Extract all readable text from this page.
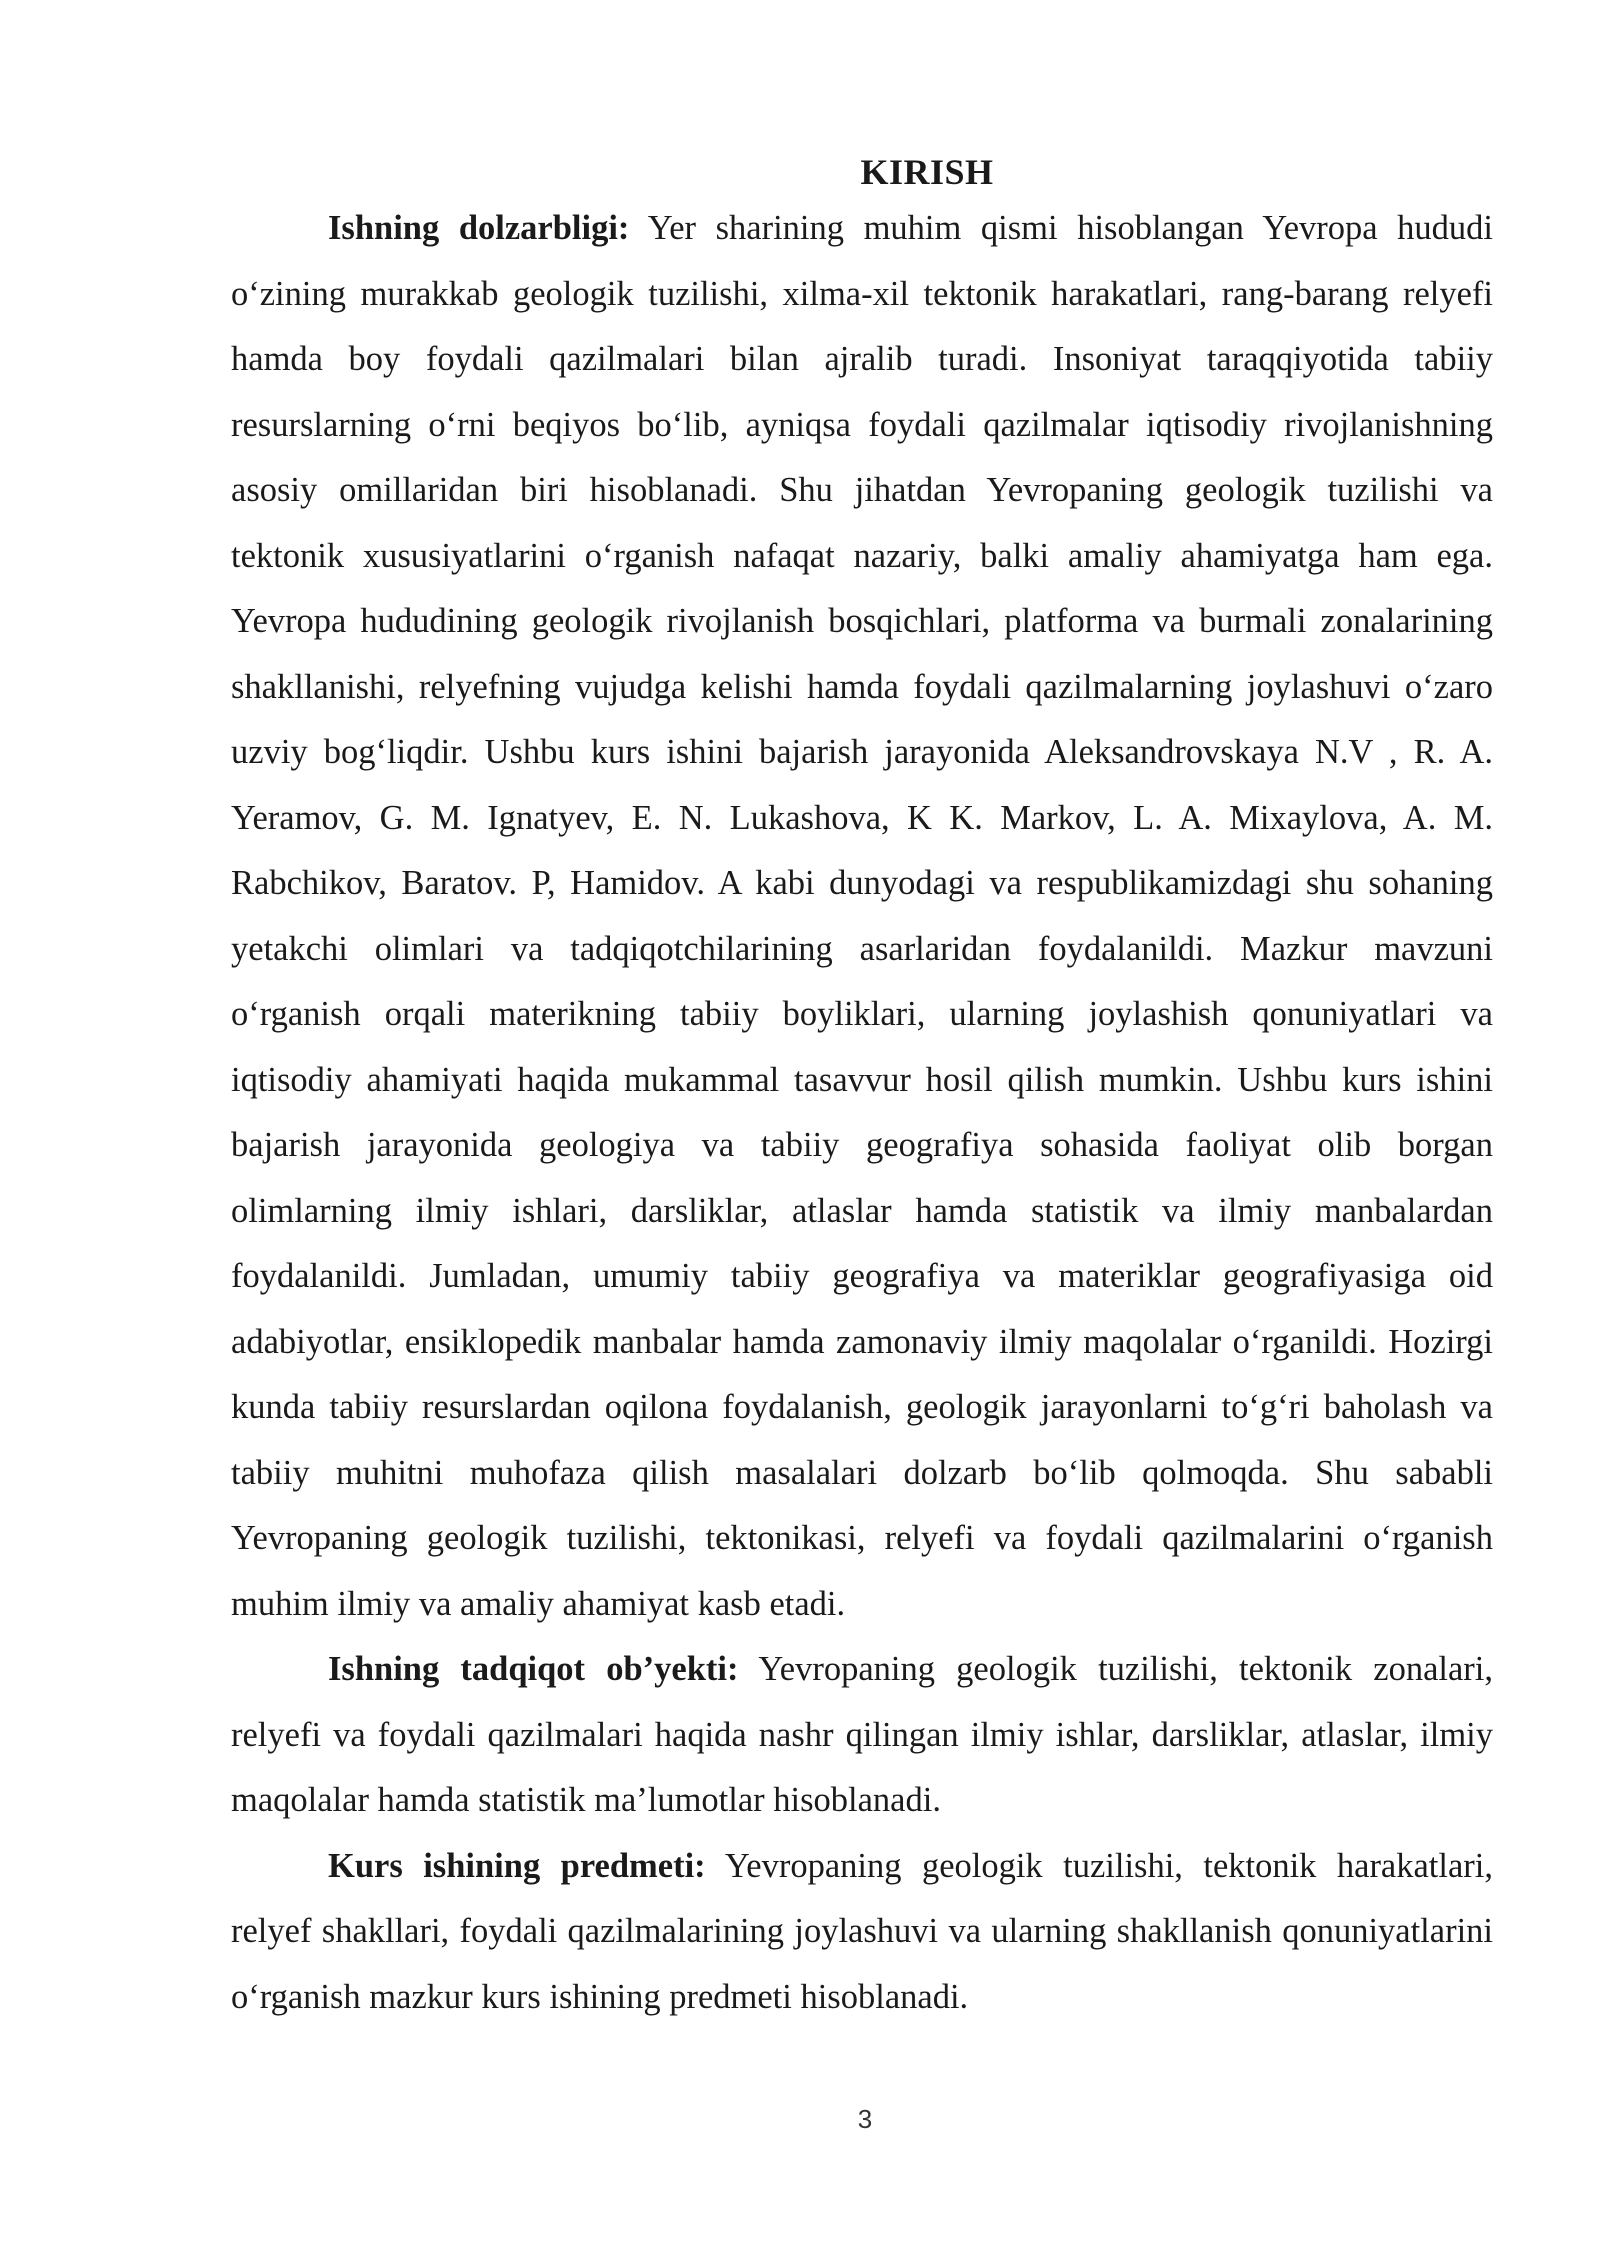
KIRISH

Ishning dolzarbligi: Yer sharining muhim qismi hisoblangan Yevropa hududi o‘zining murakkab geologik tuzilishi, xilma-xil tektonik harakatlari, rang-barang relyefi hamda boy foydali qazilmalari bilan ajralib turadi. Insoniyat taraqqiyotida tabiiy resurslarning o‘rni beqiyos bo‘lib, ayniqsa foydali qazilmalar iqtisodiy rivojlanishning asosiy omillaridan biri hisoblanadi. Shu jihatdan Yevropaning geologik tuzilishi va tektonik xususiyatlarini o‘rganish nafaqat nazariy, balki amaliy ahamiyatga ham ega. Yevropa hududining geologik rivojlanish bosqichlari, platforma va burmali zonalarining shakllanishi, relyefning vujudga kelishi hamda foydali qazilmalarning joylashuvi o‘zaro uzviy bog‘liqdir. Ushbu kurs ishini bajarish jarayonida Aleksandrovskaya N.V , R. A. Yeramov, G. M. Ignatyev, E. N. Lukashova, K K. Markov, L. A. Mixaylova, A. M. Rabchikov, Baratov. P, Hamidov. A kabi dunyodagi va respublikamizdagi shu sohaning yetakchi olimlari va tadqiqotchilarining asarlaridan foydalanildi. Mazkur mavzuni o‘rganish orqali materikning tabiiy boyliklari, ularning joylashish qonuniyatlari va iqtisodiy ahamiyati haqida mukammal tasavvur hosil qilish mumkin. Ushbu kurs ishini bajarish jarayonida geologiya va tabiiy geografiya sohasida faoliyat olib borgan olimlarning ilmiy ishlari, darsliklar, atlaslar hamda statistik va ilmiy manbalardan foydalanildi. Jumladan, umumiy tabiiy geografiya va materiklar geografiyasiga oid adabiyotlar, ensiklopedik manbalar hamda zamonaviy ilmiy maqolalar o‘rganildi. Hozirgi kunda tabiiy resurslardan oqilona foydalanish, geologik jarayonlarni to‘g‘ri baholash va tabiiy muhitni muhofaza qilish masalalari dolzarb bo‘lib qolmoqda. Shu sababli Yevropaning geologik tuzilishi, tektonikasi, relyefi va foydali qazilmalarini o‘rganish muhim ilmiy va amaliy ahamiyat kasb etadi.

Ishning tadqiqot ob’yekti: Yevropaning geologik tuzilishi, tektonik zonalari, relyefi va foydali qazilmalari haqida nashr qilingan ilmiy ishlar, darsliklar, atlaslar, ilmiy maqolalar hamda statistik ma’lumotlar hisoblanadi.

Kurs ishining predmeti: Yevropaning geologik tuzilishi, tektonik harakatlari, relyef shakllari, foydali qazilmalarining joylashuvi va ularning shakllanish qonuniyatlarini o‘rganish mazkur kurs ishining predmeti hisoblanadi.

3
